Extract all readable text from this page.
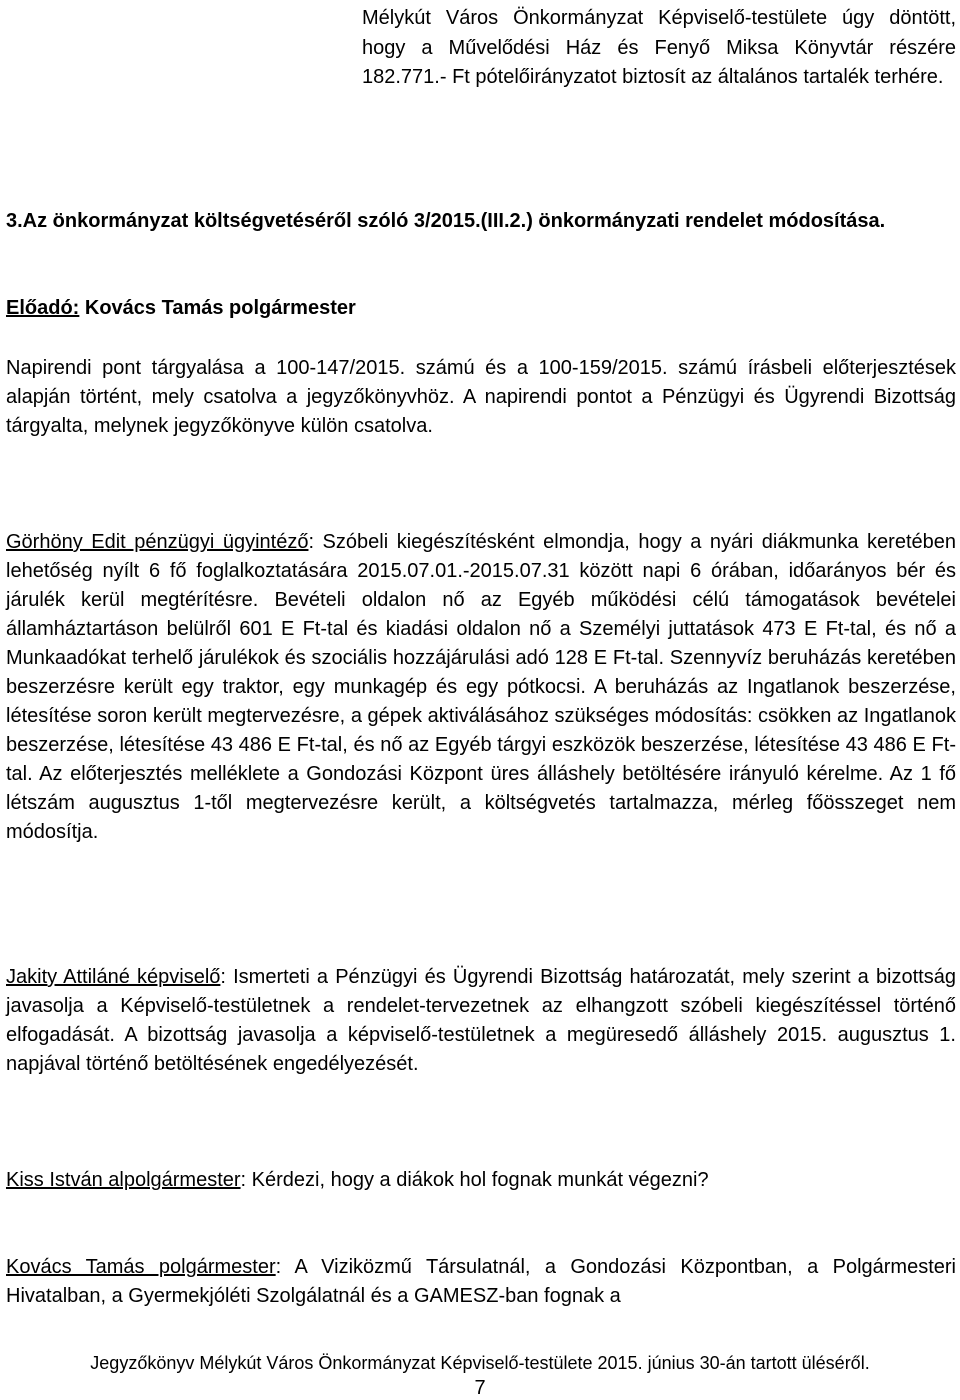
Mélykút Város Önkormányzat Képviselő-testülete úgy döntött, hogy a Művelődési Ház és Fenyő Miksa Könyvtár részére 182.771.- Ft pótelőirányzatot biztosít az általános tartalék terhére.

3.Az önkormányzat költségvetéséről szóló 3/2015.(III.2.) önkormányzati rendelet módosítása.

Előadó: Kovács Tamás polgármester

Napirendi pont tárgyalása a 100-147/2015. számú és a 100-159/2015. számú írásbeli előterjesztések alapján történt, mely csatolva a jegyzőkönyvhöz. A napirendi pontot a Pénzügyi és Ügyrendi Bizottság tárgyalta, melynek jegyzőkönyve külön csatolva.

Görhöny Edit pénzügyi ügyintéző: Szóbeli kiegészítésként elmondja, hogy a nyári diákmunka keretében lehetőség nyílt 6 fő foglalkoztatására 2015.07.01.-2015.07.31 között napi 6 órában, időarányos bér és járulék kerül megtérítésre. Bevételi oldalon nő az Egyéb működési célú támogatások bevételei államháztartáson belülről 601 E Ft-tal és kiadási oldalon nő a Személyi juttatások 473 E Ft-tal, és nő a Munkaadókat terhelő járulékok és szociális hozzájárulási adó 128 E Ft-tal. Szennyvíz beruházás keretében beszerzésre került egy traktor, egy munkagép és egy pótkocsi. A beruházás az Ingatlanok beszerzése, létesítése soron került megtervezésre, a gépek aktiválásához szükséges módosítás: csökken az Ingatlanok beszerzése, létesítése 43 486 E Ft-tal, és nő az Egyéb tárgyi eszközök beszerzése, létesítése 43 486 E Ft-tal. Az előterjesztés melléklete a Gondozási Központ üres álláshely betöltésére irányuló kérelme. Az 1 fő létszám augusztus 1-től megtervezésre került, a költségvetés tartalmazza, mérleg főösszeget nem módosítja.

Jakity Attiláné képviselő: Ismerteti a Pénzügyi és Ügyrendi Bizottság határozatát, mely szerint a bizottság javasolja a Képviselő-testületnek a rendelet-tervezetnek az elhangzott szóbeli kiegészítéssel történő elfogadását. A bizottság javasolja a képviselő-testületnek a megüresedő álláshely 2015. augusztus 1. napjával történő betöltésének engedélyezését.

Kiss István alpolgármester: Kérdezi, hogy a diákok hol fognak munkát végezni?

Kovács Tamás polgármester: A Viziközmű Társulatnál, a Gondozási Központban, a Polgármesteri Hivatalban, a Gyermekjóléti Szolgálatnál és a GAMESZ-ban fognak a

Jegyzőkönyv Mélykút Város Önkormányzat Képviselő-testülete 2015. június 30-án tartott üléséről.
7
